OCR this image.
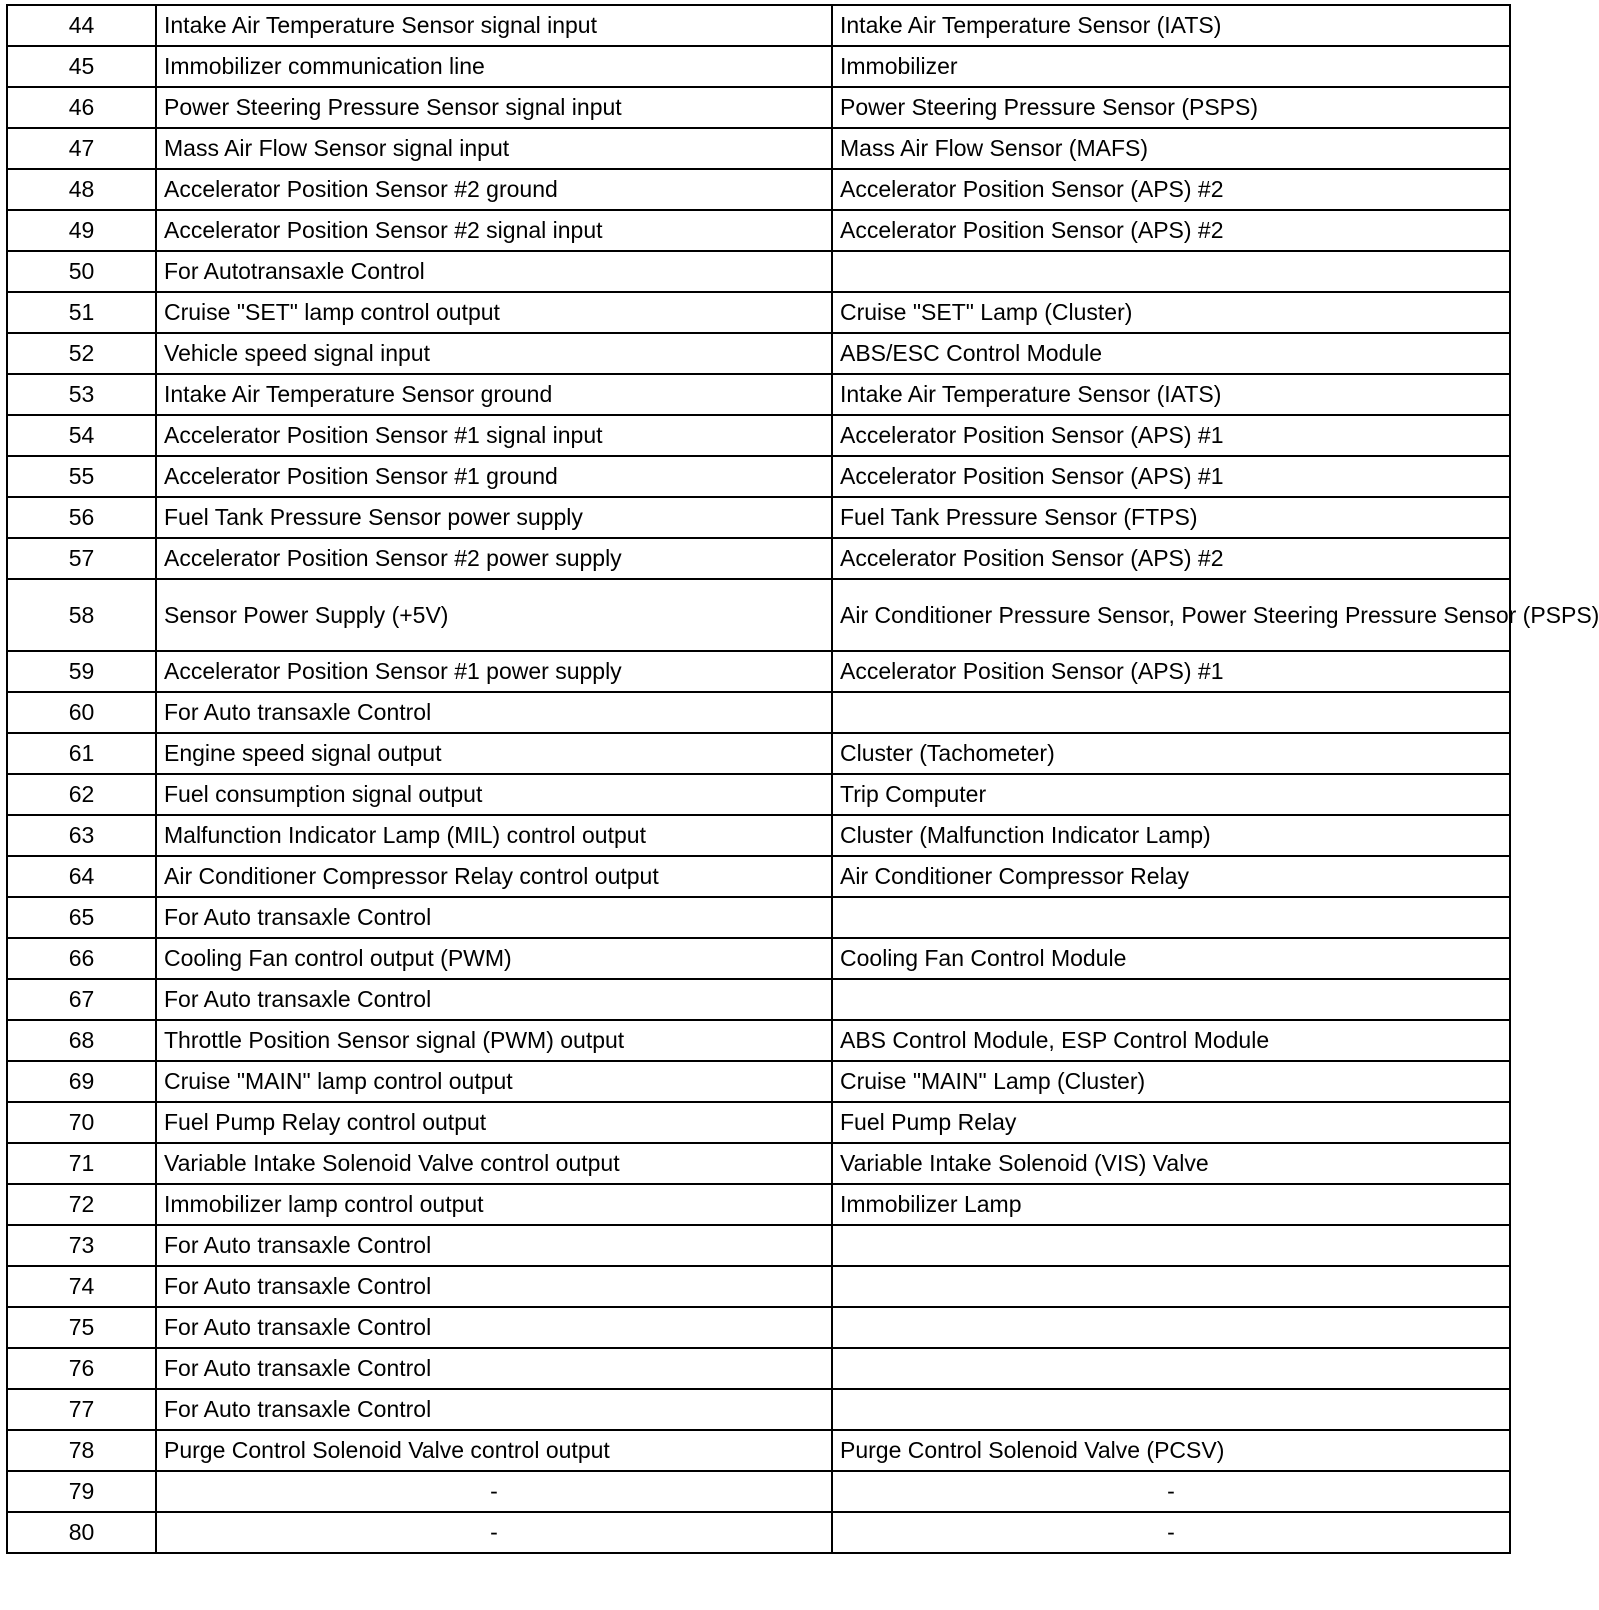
44	Intake Air Temperature Sensor signal input	Intake Air Temperature Sensor (IATS)
45	Immobilizer communication line	Immobilizer
46	Power Steering Pressure Sensor signal input	Power Steering Pressure Sensor (PSPS)
47	Mass Air Flow Sensor signal input	Mass Air Flow Sensor (MAFS)
48	Accelerator Position Sensor #2 ground	Accelerator Position Sensor (APS) #2
49	Accelerator Position Sensor #2 signal input	Accelerator Position Sensor (APS) #2
50	For Autotransaxle Control	
51	Cruise "SET" lamp control output	Cruise "SET" Lamp (Cluster)
52	Vehicle speed signal input	ABS/ESC Control Module
53	Intake Air Temperature Sensor ground	Intake Air Temperature Sensor (IATS)
54	Accelerator Position Sensor #1 signal input	Accelerator Position Sensor (APS) #1
55	Accelerator Position Sensor #1 ground	Accelerator Position Sensor (APS) #1
56	Fuel Tank Pressure Sensor power supply	Fuel Tank Pressure Sensor (FTPS)
57	Accelerator Position Sensor #2 power supply	Accelerator Position Sensor (APS) #2
58	Sensor Power Supply (+5V)	Air Conditioner Pressure Sensor, Power Steering Pressure Sensor (PSPS)
59	Accelerator Position Sensor #1 power supply	Accelerator Position Sensor (APS) #1
60	For Auto transaxle Control	
61	Engine speed signal output	Cluster (Tachometer)
62	Fuel consumption signal output	Trip Computer
63	Malfunction Indicator Lamp (MIL) control output	Cluster (Malfunction Indicator Lamp)
64	Air Conditioner Compressor Relay control output	Air Conditioner Compressor Relay
65	For Auto transaxle Control	
66	Cooling Fan control output (PWM)	Cooling Fan Control Module
67	For Auto transaxle Control	
68	Throttle Position Sensor signal (PWM) output	ABS Control Module, ESP Control Module
69	Cruise "MAIN" lamp control output	Cruise "MAIN" Lamp (Cluster)
70	Fuel Pump Relay control output	Fuel Pump Relay
71	Variable Intake Solenoid Valve control output	Variable Intake Solenoid (VIS) Valve
72	Immobilizer lamp control output	Immobilizer Lamp
73	For Auto transaxle Control	
74	For Auto transaxle Control	
75	For Auto transaxle Control	
76	For Auto transaxle Control	
77	For Auto transaxle Control	
78	Purge Control Solenoid Valve control output	Purge Control Solenoid Valve (PCSV)
79	-	-
80	-	-
